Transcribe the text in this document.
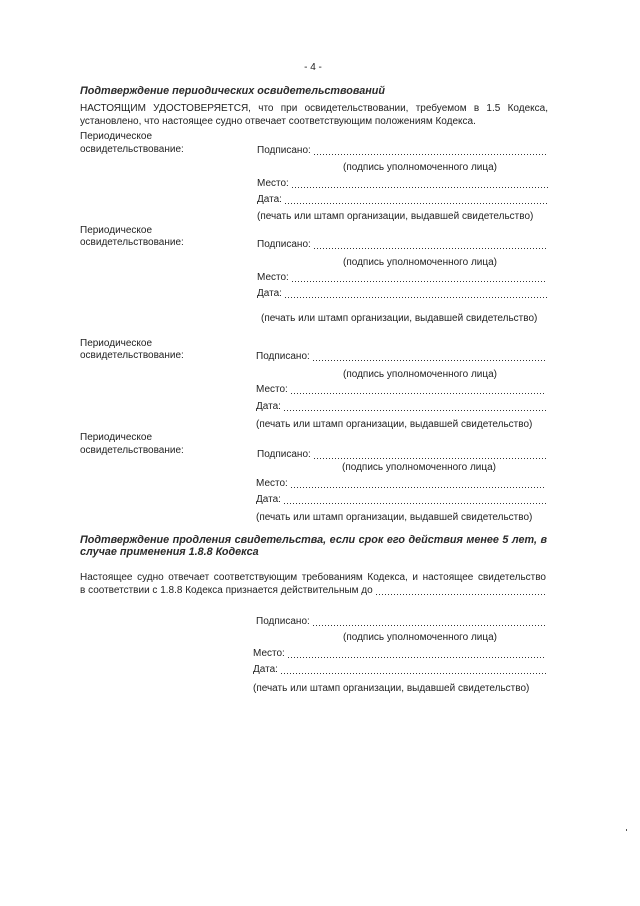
- 4 -
Подтверждение периодических освидетельствований
НАСТОЯЩИМ УДОСТОВЕРЯЕТСЯ, что при освидетельствовании, требуемом в 1.5 Кодекса,
установлено, что настоящее судно отвечает соответствующим положениям Кодекса.
Периодическое
освидетельствование:	Подписано:
(подпись уполномоченного лица)
Место:
Дата:
(печать или штамп организации, выдавшей свидетельство)
Периодическое
освидетельствование:	Подписано:
(подпись уполномоченного лица)
Место:
Дата:
(печать или штамп организации, выдавшей свидетельство)
Периодическое
освидетельствование:	Подписано:
(подпись уполномоченного лица)
Место:
Дата:
(печать или штамп организации, выдавшей свидетельство)
Периодическое
освидетельствование:	Подписано:
(подпись уполномоченного лица)
Место:
Дата:
(печать или штамп организации, выдавшей свидетельство)
Подтверждение продления свидетельства, если срок его действия менее 5 лет, в
случае применения 1.8.8 Кодекса
Настоящее судно отвечает соответствующим требованиям Кодекса, и настоящее свидетельство
в соответствии с 1.8.8 Кодекса признается действительным до
Подписано:
(подпись уполномоченного лица)
Место:
Дата:
(печать или штамп организации, выдавшей свидетельство)
